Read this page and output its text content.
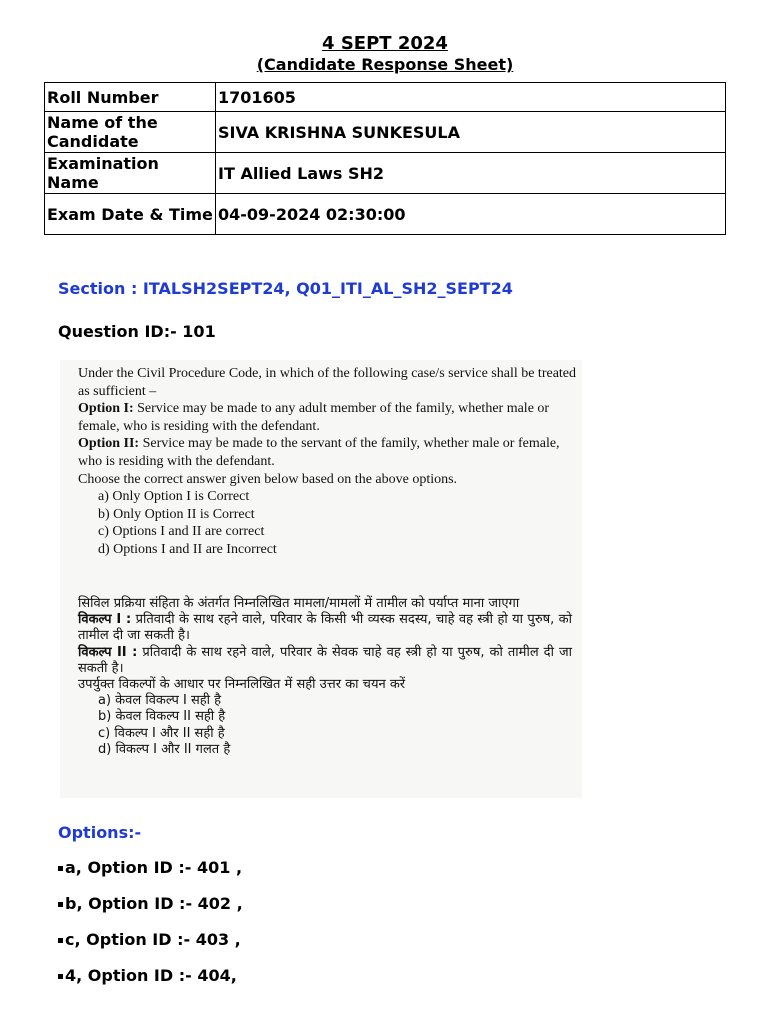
4 SEPT 2024
(Candidate Response Sheet)
Roll Number	1701605
Name of the Candidate	SIVA KRISHNA SUNKESULA
Examination Name	IT Allied Laws SH2
Exam Date & Time	04-09-2024 02:30:00
Section : ITALSH2SEPT24, Q01_ITI_AL_SH2_SEPT24
Question ID:- 101
Under the Civil Procedure Code, in which of the following case/s service shall be treated as sufficient –
Option I: Service may be made to any adult member of the family, whether male or female, who is residing with the defendant.
Option II: Service may be made to the servant of the family, whether male or female, who is residing with the defendant.
Choose the correct answer given below based on the above options.
a) Only Option I is Correct
b) Only Option II is Correct
c) Options I and II are correct
d) Options I and II are Incorrect
सिविल प्रक्रिया संहिता के अंतर्गत निम्नलिखित मामला/मामलों में तामील को पर्याप्त माना जाएगा
विकल्प I : प्रतिवादी के साथ रहने वाले, परिवार के किसी भी व्यस्क सदस्य, चाहे वह स्त्री हो या पुरुष, को तामील दी जा सकती है।
विकल्प II : प्रतिवादी के साथ रहने वाले, परिवार के सेवक चाहे वह स्त्री हो या पुरुष, को तामील दी जा सकती है।
उपर्युक्त विकल्पों के आधार पर निम्नलिखित में सही उत्तर का चयन करें
a) केवल विकल्प I सही है
b) केवल विकल्प II सही है
c) विकल्प I और II सही है
d) विकल्प I और II गलत है
Options:-
a, Option ID :- 401 ,
b, Option ID :- 402 ,
c, Option ID :- 403 ,
4, Option ID :- 404,
